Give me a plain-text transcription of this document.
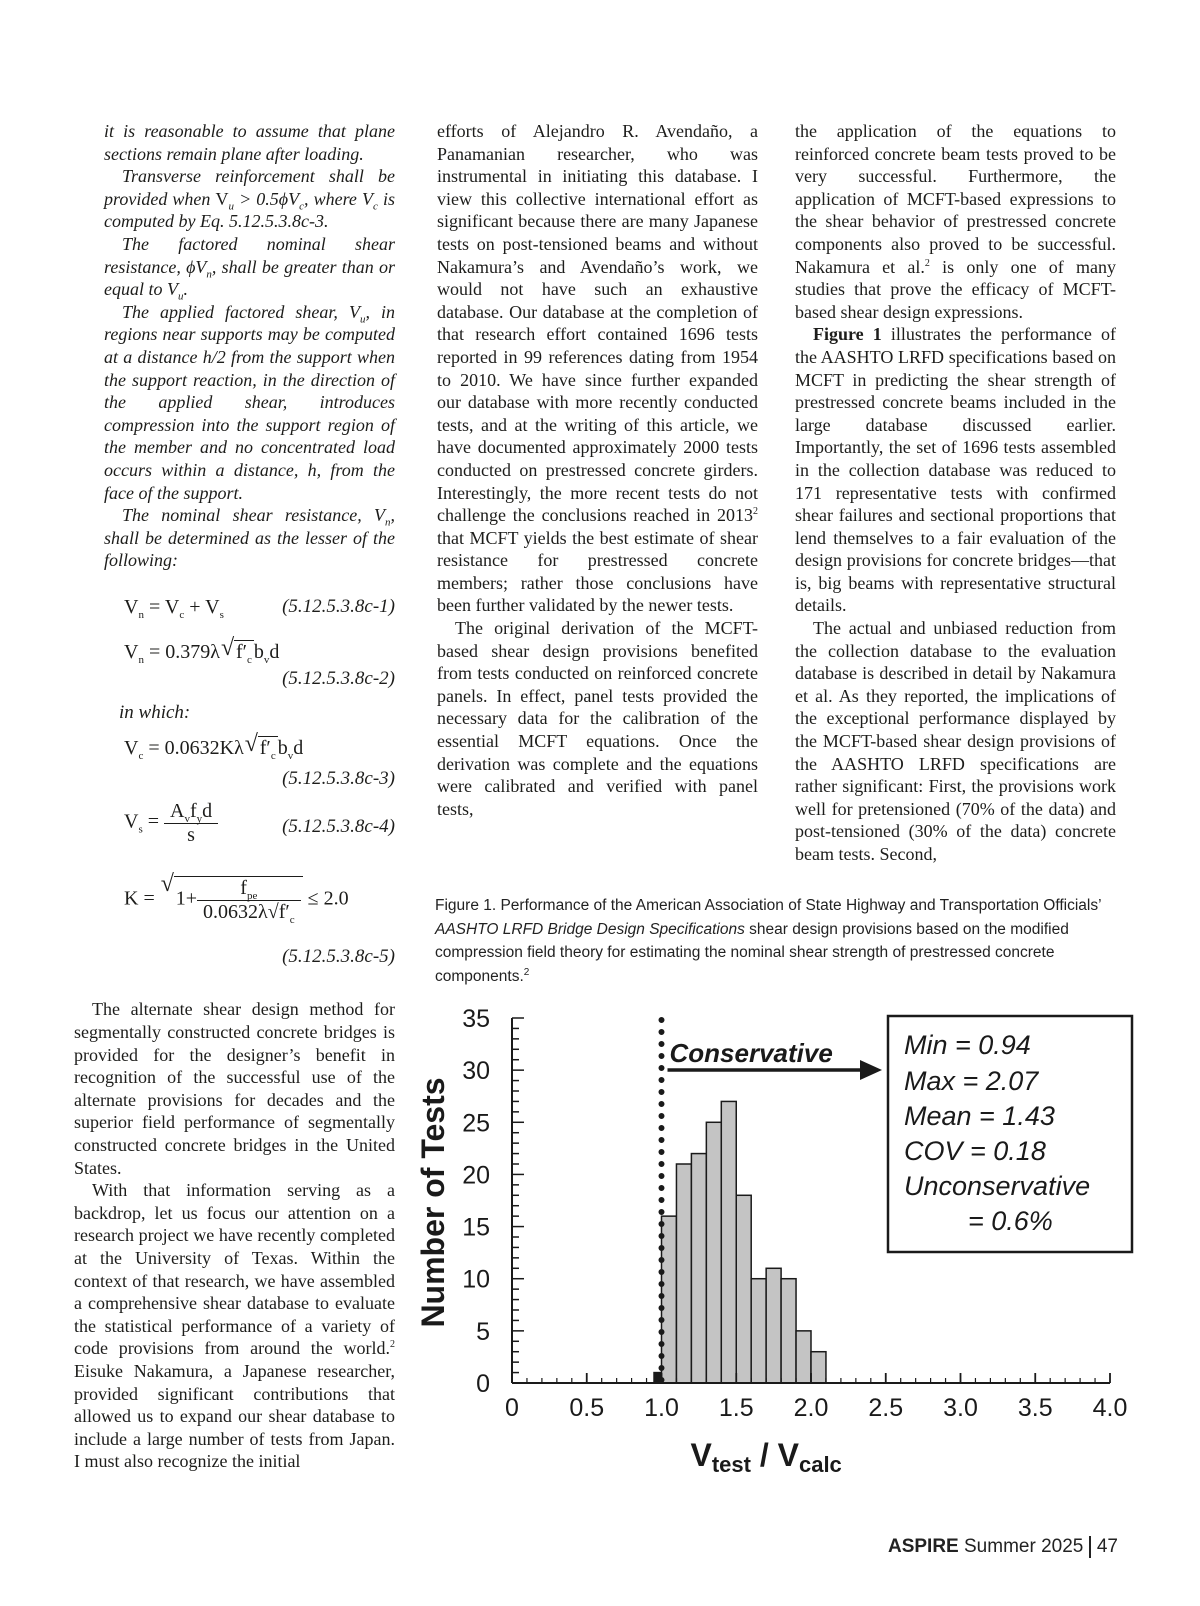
it is reasonable to assume that plane sections remain plane after loading.

Transverse reinforcement shall be provided when $V_u > 0.5\phi V_c$, where $V_c$ is computed by Eq. 5.12.5.3.8c-3.

The factored nominal shear resistance, $\phi V_n$, shall be greater than or equal to $V_u$.

The applied factored shear, $V_u$, in regions near supports may be computed at a distance h/2 from the support when the support reaction, in the direction of the applied shear, introduces compression into the support region of the member and no concentrated load occurs within a distance, h, from the face of the support.

The nominal shear resistance, $V_n$, shall be determined as the lesser of the following:

$V_n = V_c + V_s$	(5.12.5.3.8c-1)
$V_n = 0.379\lambda√$ $f'_c$ $b_vd$
(5.12.5.3.8c-2)
in which:
$V_c = 0.0632K\lambda√$ $f'_c$ $b_vd$
(5.12.5.3.8c-3)
$V_s = \frac{A_vf_yd}{s}$	(5.12.5.3.8c-4)
K = √ $1+ \frac{f_{pe}}{0.0632\lambda√f'_c} \le 2.0$
(5.12.5.3.8c-5)

The alternate shear design method for segmentally constructed concrete bridges is provided for the designer’s benefit in recognition of the successful use of the alternate provisions for decades and the superior field performance of segmentally constructed concrete bridges in the United States.

With that information serving as a backdrop, let us focus our attention on a research project we have recently completed at the University of Texas. Within the context of that research, we have assembled a comprehensive shear database to evaluate the statistical performance of a variety of code provisions from around the world.$^2$ Eisuke Nakamura, a Japanese researcher, provided significant contributions that allowed us to expand our shear database to include a large number of tests from Japan. I must also recognize the initial

efforts of Alejandro R. Avendaño, a Panamanian researcher, who was instrumental in initiating this database. I view this collective international effort as significant because there are many Japanese tests on post-tensioned beams and without Nakamura’s and Avendaño’s work, we would not have such an exhaustive database. Our database at the completion of that research effort contained 1696 tests reported in 99 references dating from 1954 to 2010. We have since further expanded our database with more recently conducted tests, and at the writing of this article, we have documented approximately 2000 tests conducted on prestressed concrete girders. Interestingly, the more recent tests do not challenge the conclusions reached in 2013$^2$ that MCFT yields the best estimate of shear resistance for prestressed concrete members; rather those conclusions have been further validated by the newer tests.

The original derivation of the MCFT-based shear design provisions benefited from tests conducted on reinforced concrete panels. In effect, panel tests provided the necessary data for the calibration of the essential MCFT equations. Once the derivation was complete and the equations were calibrated and verified with panel tests,

the application of the equations to reinforced concrete beam tests proved to be very successful. Furthermore, the application of MCFT-based expressions to the shear behavior of prestressed concrete components also proved to be successful. Nakamura et al.$^2$ is only one of many studies that prove the efficacy of MCFT-based shear design expressions.

Figure 1 illustrates the performance of the AASHTO LRFD specifications based on MCFT in predicting the shear strength of prestressed concrete beams included in the large database discussed earlier. Importantly, the set of 1696 tests assembled in the collection database was reduced to 171 representative tests with confirmed shear failures and sectional proportions that lend themselves to a fair evaluation of the design provisions for concrete bridges—that is, big beams with representative structural details.

The actual and unbiased reduction from the collection database to the evaluation database is described in detail by Nakamura et al. As they reported, the implications of the exceptional performance displayed by the MCFT-based shear design provisions of the AASHTO LRFD specifications are rather significant: First, the provisions work well for pretensioned (70% of the data) and post-tensioned (30% of the data) concrete beam tests. Second,

Figure 1. Performance of the American Association of State Highway and Transportation Officials’ AASHTO LRFD Bridge Design Specifications shear design provisions based on the modified compression field theory for estimating the nominal shear strength of prestressed concrete components.$^2$
0
5
10
15
20
25
30
35
0 0.5 1.0 1.5 2.0 2.5 3.0 3.5 4.0
Number of Tests
Vtest / Vcalc
Conservative	Min = 0.94
Max = 2.07
Mean = 1.43
COV = 0.18
Unconservative
= 0.6%
ASPIRE Summer 2025 47
